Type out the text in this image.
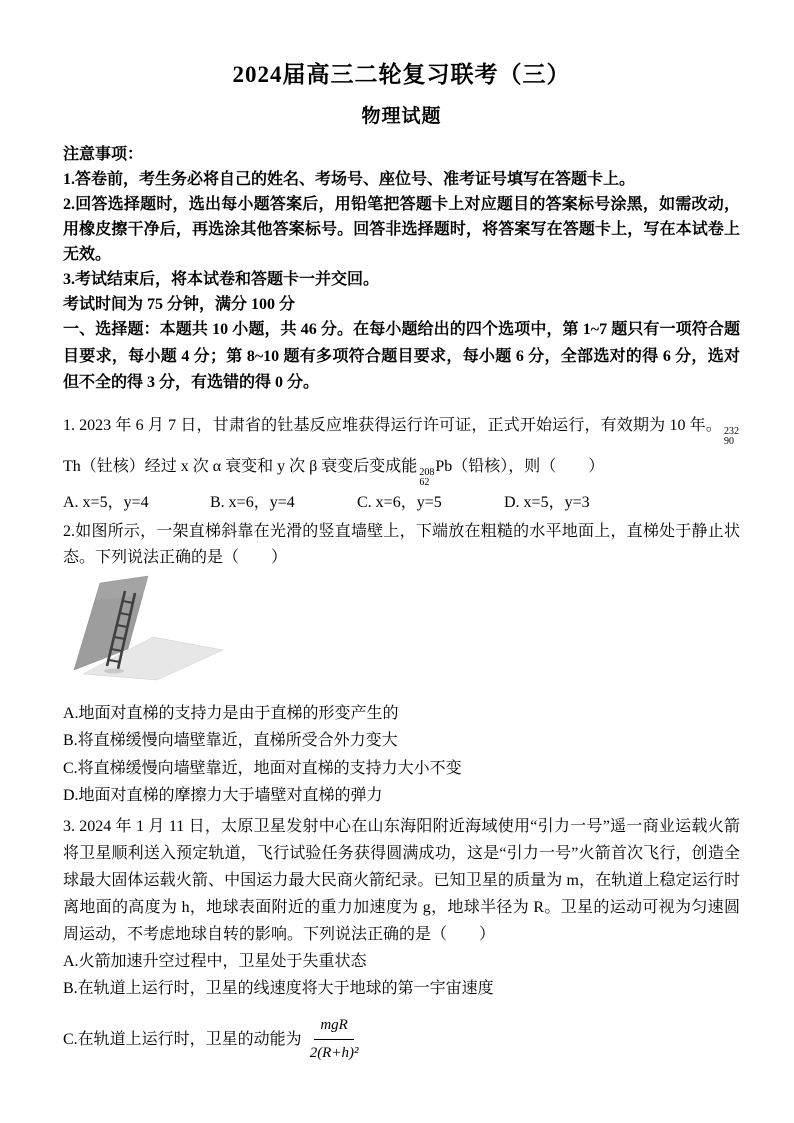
2024届高三二轮复习联考（三）
物理试题

注意事项：

1.答卷前，考生务必将自己的姓名、考场号、座位号、准考证号填写在答题卡上。

2.回答选择题时，选出每小题答案后，用铅笔把答题卡上对应题目的答案标号涂黑，如需改动，用橡皮擦干净后，再选涂其他答案标号。回答非选择题时，将答案写在答题卡上，写在本试卷上无效。

3.考试结束后，将本试卷和答题卡一并交回。

考试时间为 75 分钟，满分 100 分

一、选择题：本题共 10 小题，共 46 分。在每小题给出的四个选项中，第 1~7 题只有一项符合题目要求，每小题 4 分；第 8~10 题有多项符合题目要求，每小题 6 分，全部选对的得 6 分，选对但不全的得 3 分，有选错的得 0 分。

1. 2023 年 6 月 7 日，甘肃省的钍基反应堆获得运行许可证，正式开始运行，有效期为 10 年。 232
90
Th（钍核）经过 x 次 α 衰变和 y 次 β 衰变后变成能 208
62
Pb（铅核），则（　　）

A. x=5，y=4	B. x=6，y=4	C. x=6，y=5	D. x=5，y=3

2.如图所示，一架直梯斜靠在光滑的竖直墙壁上，下端放在粗糙的水平地面上，直梯处于静止状态。下列说法正确的是（　　）

A.地面对直梯的支持力是由于直梯的形变产生的

B.将直梯缓慢向墙壁靠近，直梯所受合外力变大

C.将直梯缓慢向墙壁靠近，地面对直梯的支持力大小不变

D.地面对直梯的摩擦力大于墙壁对直梯的弹力

3. 2024 年 1 月 11 日，太原卫星发射中心在山东海阳附近海域使用“引力一号”遥一商业运载火箭将卫星顺利送入预定轨道，飞行试验任务获得圆满成功，这是“引力一号”火箭首次飞行，创造全球最大固体运载火箭、中国运力最大民商火箭纪录。已知卫星的质量为 m，在轨道上稳定运行时离地面的高度为 h，地球表面附近的重力加速度为 g，地球半径为 R。卫星的运动可视为匀速圆周运动，不考虑地球自转的影响。下列说法正确的是（　　）

A.火箭加速升空过程中，卫星处于失重状态

B.在轨道上运行时，卫星的线速度将大于地球的第一宇宙速度

C.在轨道上运行时，卫星的动能为 $\frac{\text{mgR}}{\text{2(R+h)²}}$
